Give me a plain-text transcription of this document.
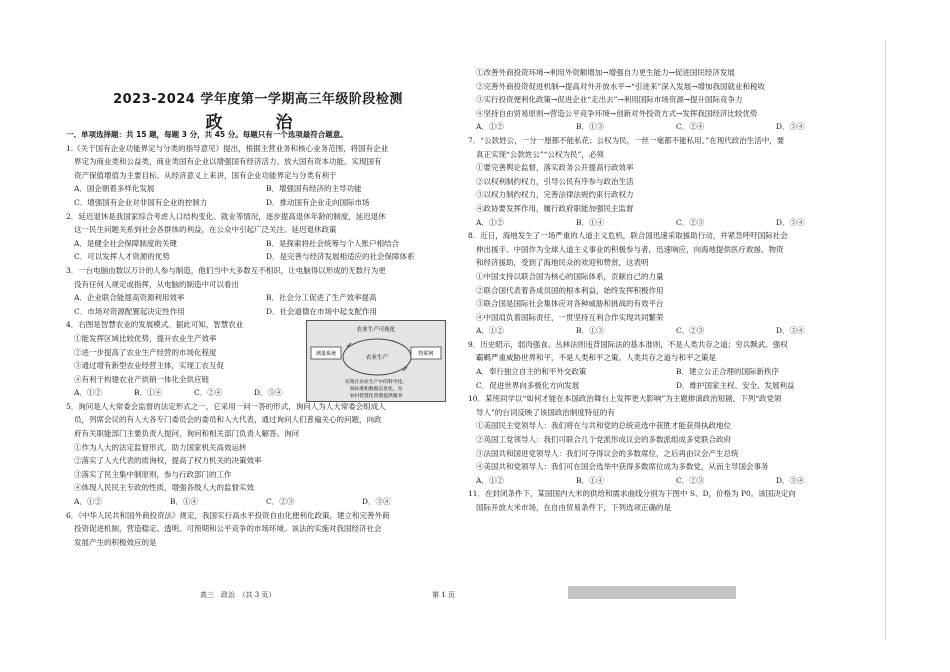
2023-2024 学年度第一学期高三年级阶段检测
政　治
一、单项选择题：共 15 题，每题 3 分，共 45 分。每题只有一个选项最符合题意。
1.《关于国有企业功能界定与分类的指导意见》提出，根据主营业务和核心业务范围，将国有企业
界定为商业类和公益类，商业类国有企业以增强国有经济活力、放大国有资本功能、实现国有
资产保值增值为主要目标。从经济意义上来讲，国有企业功能界定与分类有利于
A．国企朝着多样化发展	B．增强国有经济的主导功能
C．增强国有企业对非国有企业的控制力	D．推动国有企业走向国际市场
2．延迟退休是我国家综合考虑人口结构变化、就业等情况，逐步提高退休年龄的制度，延迟退休
这一民生问题关系到社会各群体的利益，在公众中引起广泛关注。延迟退休政策
A．是健全社会保障制度的关键	B．是探索将社会统筹与个人账户相结合
C．可以发挥人才资源的优势	D．是完善与经济发展相适应的社会保障体系
3．一台电脑由数以万计的人参与制造，他们当中大多数互不相识，让电脑得以形成的无数行为更
没有任何人规定或指挥，从电脑的制造中可以看出
A．企业联合能提高资源利用效率	B．社会分工促进了生产效率提高
C．市场对资源配置起决定性作用	D．社会道德在市场中起支配作用
4．右图是智慧农业的发展模式。据此可知，智慧农业
①能发挥区域比较优势，提升农业生产效率
②进一步提高了农业生产经营的市场化程度
③通过增有新型农业经营主体，实现工农互促
④有利于构建农业产供销一体化全供应链
A．①②	B．①④	C．②④	D．③④
农业生产可视化
农业生产
测量系统	物联网
实现在农业生产中的科学化、
高标准和数据信息化，为
农村智慧化管理提供服务
5．询问是人大常委会监督的法定形式之一，它采用一问一答的形式，询问人为人大常委会组成人
员，列席会议的有人大各专门委员会的委员和人大代表，通过询问人们普遍关心的问题，向政
府有关职能部门主要负责人提问，询问和相关部门负责人解答。询问
①作为人大的法定监督形式，助力国家机关高效运转
②落实了人大代表的质询权，提高了权力机关的决策效率
③落实了民主集中制原则，参与行政部门的工作
④体现人民民主专政的性质，增强各级人大的监督实效
A．①②	B．①④	C．②③	D．③④
6．《中华人民共和国外商投资法》规定，我国实行高水平投资自由化便利化政策，建立和完善外商
投资促进机制，营造稳定、透明、可预期和公平竞争的市场环境。该法的实施对我国经济社会
发展产生的积极效应的是
①改善外商投资环境→利用外资额增加→增强自力更生能力→促进国民经济发展
②完善外商投资促进机制→提高对外开放水平→“引进来”深入发展→增加我国就业和税收
③实行投资便利化政策→促进企业“走出去”→利用国际市场资源→提升国际竞争力
④坚持自由贸易原则→营造公平竞争环境→创新对外投资方式→发挥我国经济比较优势
A．①②	B．①③	C．②④	D．③④
7．“公款姓公，一分一厘都不能私花；公权为民，一丝一毫都不能私用。”在现代政治生活中，要
真正实现“公款姓公”“公权为民”，必须
①要完善舆论监督，落实政务公开提高行政效率
②以权利制约权力，引导公民有序参与政治生活
③以权力制约权力，完善法律法规约束行政权力
④政协要发挥作用，履行政府职能加强民主监督
A．①②	B．①④	C．②③	D．③④
8．近日，海地发生了一场严重的人道主义危机，联合国迅速采取援助行动，并紧急呼吁国际社会
伸出援手。中国作为全球人道主义事业的积极参与者，迅速响应，向海地提供医疗救援、物资
和经济援助，受到了海地民众的欢迎和赞赏，这表明
①中国支持以联合国为核心的国际体系，贡献自己的力量
②联合国代表着各成员国的根本利益，始终发挥积极作用
③联合国是国际社会集体应对各种威胁和挑战的有效平台
④中国肩负着国际责任，一贯坚持互利合作实现共同繁荣
A．①②	B．①③	C．②③	D．③④
9．历史昭示，弱肉强食、丛林法则违背国际法的基本准则，不是人类共存之道；穷兵黩武、强权
霸羁严重威胁世界和平，不是人类和平之策。人类共存之道与和平之策是
A．奉行独立自主的和平外交政策	B．建立公正合理的国际新秩序
C．促进世界向多极化方向发展	D．维护国家主权、安全、发展利益
10．某班同学以“如何才能在本国政治舞台上发挥更大影响”为主题排演政治短剧，下列“政党领
导人”的台词反映了该国政治制度特征的有
①美国民主党领导人：我们将在与共和党的总统竞选中获胜才能获得执政地位
②英国工党领导人：我们可联合几个党派形成议会的多数派组成多党联合政府
③法国共和国进党领导人：我们可夺得议会的多数席位，之后再由议会产生总统
④美国共和党领导人：我们可在国会选举中获得多数席位成为多数党，从而主导国会事务
A．①②	B．①④	C．②③	D．③④
11．在封闭条件下，某国国内大米的供给和需求曲线分别为下图中 S、D，价格为 P0。该国决定向
国际开放大米市场，在自由贸易条件下，下列选项正确的是
高三　政治　（共 3 页）	第 1 页
